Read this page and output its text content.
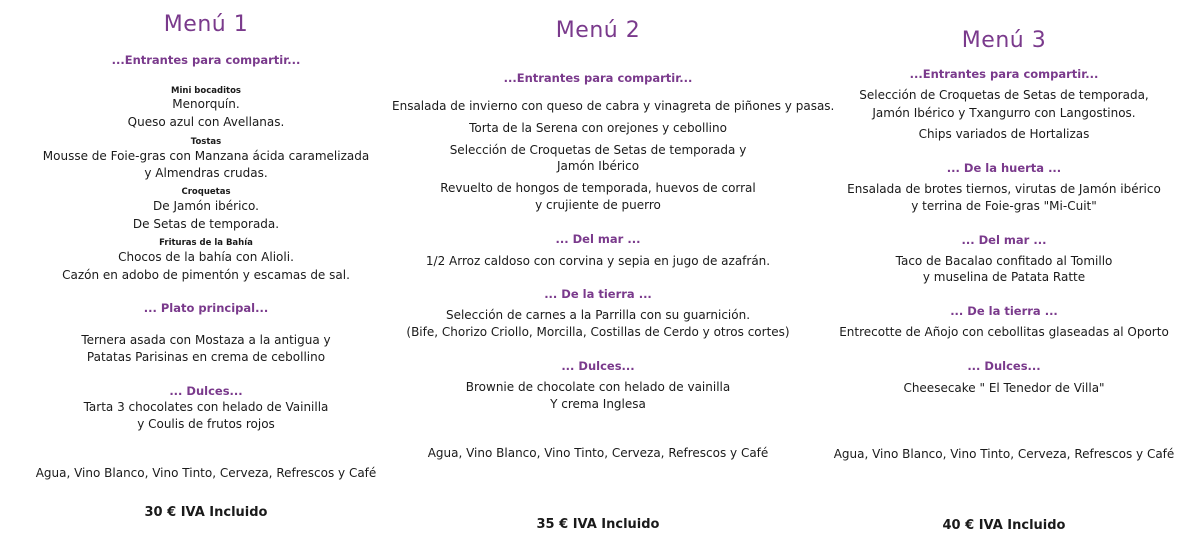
Menú 1
...Entrantes para compartir...
Mini bocaditos
Menorquín.
Queso azul con Avellanas.
Tostas
Mousse de Foie-gras con Manzana ácida caramelizada
y Almendras crudas.
Croquetas
De Jamón ibérico.
De Setas de temporada.
Frituras de la Bahía
Chocos de la bahía con Alioli.
Cazón en adobo de pimentón y escamas de sal.
... Plato principal...
Ternera asada con Mostaza a la antigua y
Patatas Parisinas en crema de cebollino
... Dulces...
Tarta 3 chocolates con helado de Vainilla
y Coulis de frutos rojos
Agua, Vino Blanco, Vino Tinto, Cerveza, Refrescos y Café
30 € IVA Incluido
Menú 2
...Entrantes para compartir...
Ensalada de invierno con queso de cabra y vinagreta de piñones y pasas.
Torta de la Serena con orejones y cebollino
Selección de Croquetas de Setas de temporada y
Jamón Ibérico
Revuelto de hongos de temporada, huevos de corral
y crujiente de puerro
... Del mar ...
1/2 Arroz caldoso con corvina y sepia en jugo de azafrán.
... De la tierra ...
Selección de carnes a la Parrilla con su guarnición.
(Bife, Chorizo Criollo, Morcilla, Costillas de Cerdo y otros cortes)
... Dulces...
Brownie de chocolate con helado de vainilla
Y crema Inglesa
Agua, Vino Blanco, Vino Tinto, Cerveza, Refrescos y Café
35 € IVA Incluido
Menú 3
...Entrantes para compartir...
Selección de Croquetas de Setas de temporada,
Jamón Ibérico y Txangurro con Langostinos.
Chips variados de Hortalizas
... De la huerta ...
Ensalada de brotes tiernos, virutas de Jamón ibérico
y terrina de Foie-gras "Mi-Cuit"
... Del mar ...
Taco de Bacalao confitado al Tomillo
y muselina de Patata Ratte
... De la tierra ...
Entrecotte de Añojo con cebollitas glaseadas al Oporto
... Dulces...
Cheesecake " El Tenedor de Villa"
Agua, Vino Blanco, Vino Tinto, Cerveza, Refrescos y Café
40 € IVA Incluido
